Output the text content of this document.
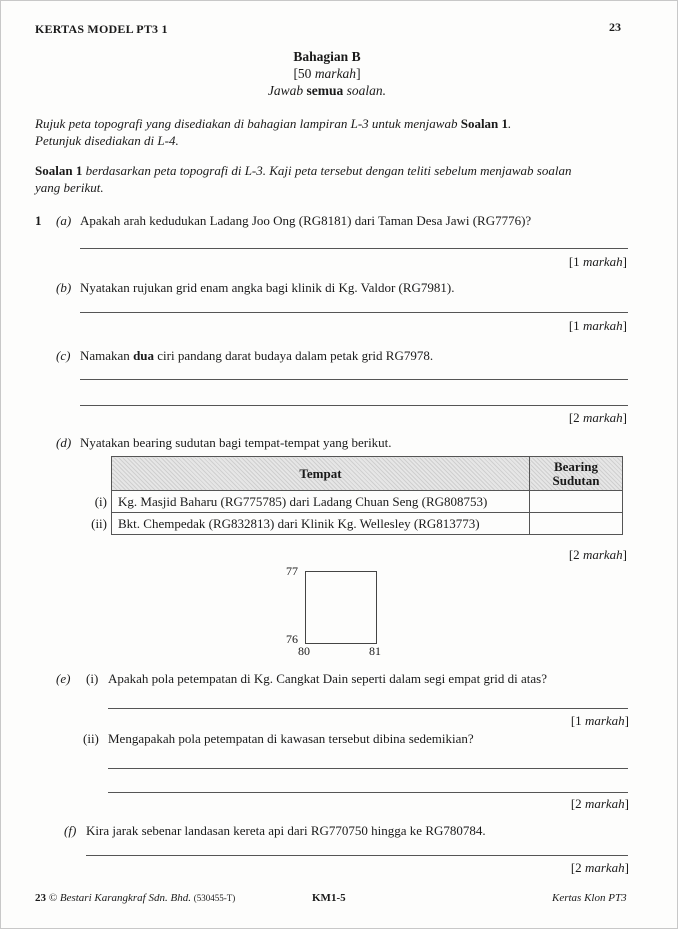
KERTAS MODEL PT3 1	23
Bahagian B
[50 markah]
Jawab semua soalan.
Rujuk peta topografi yang disediakan di bahagian lampiran L-3 untuk menjawab Soalan 1.
Petunjuk disediakan di L-4.
Soalan 1 berdasarkan peta topografi di L-3. Kaji peta tersebut dengan teliti sebelum menjawab soalan
yang berikut.
1 (a) Apakah arah kedudukan Ladang Joo Ong (RG8181) dari Taman Desa Jawi (RG7776)?
[1 markah]
(b) Nyatakan rujukan grid enam angka bagi klinik di Kg. Valdor (RG7981).
[1 markah]
(c) Namakan dua ciri pandang darat budaya dalam petak grid RG7978.
[2 markah]
(d) Nyatakan bearing sudutan bagi tempat-tempat yang berikut.
	Tempat	Bearing
Sudutan
(i)	Kg. Masjid Baharu (RG775785) dari Ladang Chuan Seng (RG808753)	
(ii)	Bkt. Chempedak (RG832813) dari Klinik Kg. Wellesley (RG813773)	
[2 markah]
77
76
80	81
(e) (i) Apakah pola petempatan di Kg. Cangkat Dain seperti dalam segi empat grid di atas?
[1 markah]
(ii) Mengapakah pola petempatan di kawasan tersebut dibina sedemikian?
[2 markah]
(f) Kira jarak sebenar landasan kereta api dari RG770750 hingga ke RG780784.
[2 markah]
23 © Bestari Karangkraf Sdn. Bhd. (530455-T)	KM1-5	Kertas Klon PT3
